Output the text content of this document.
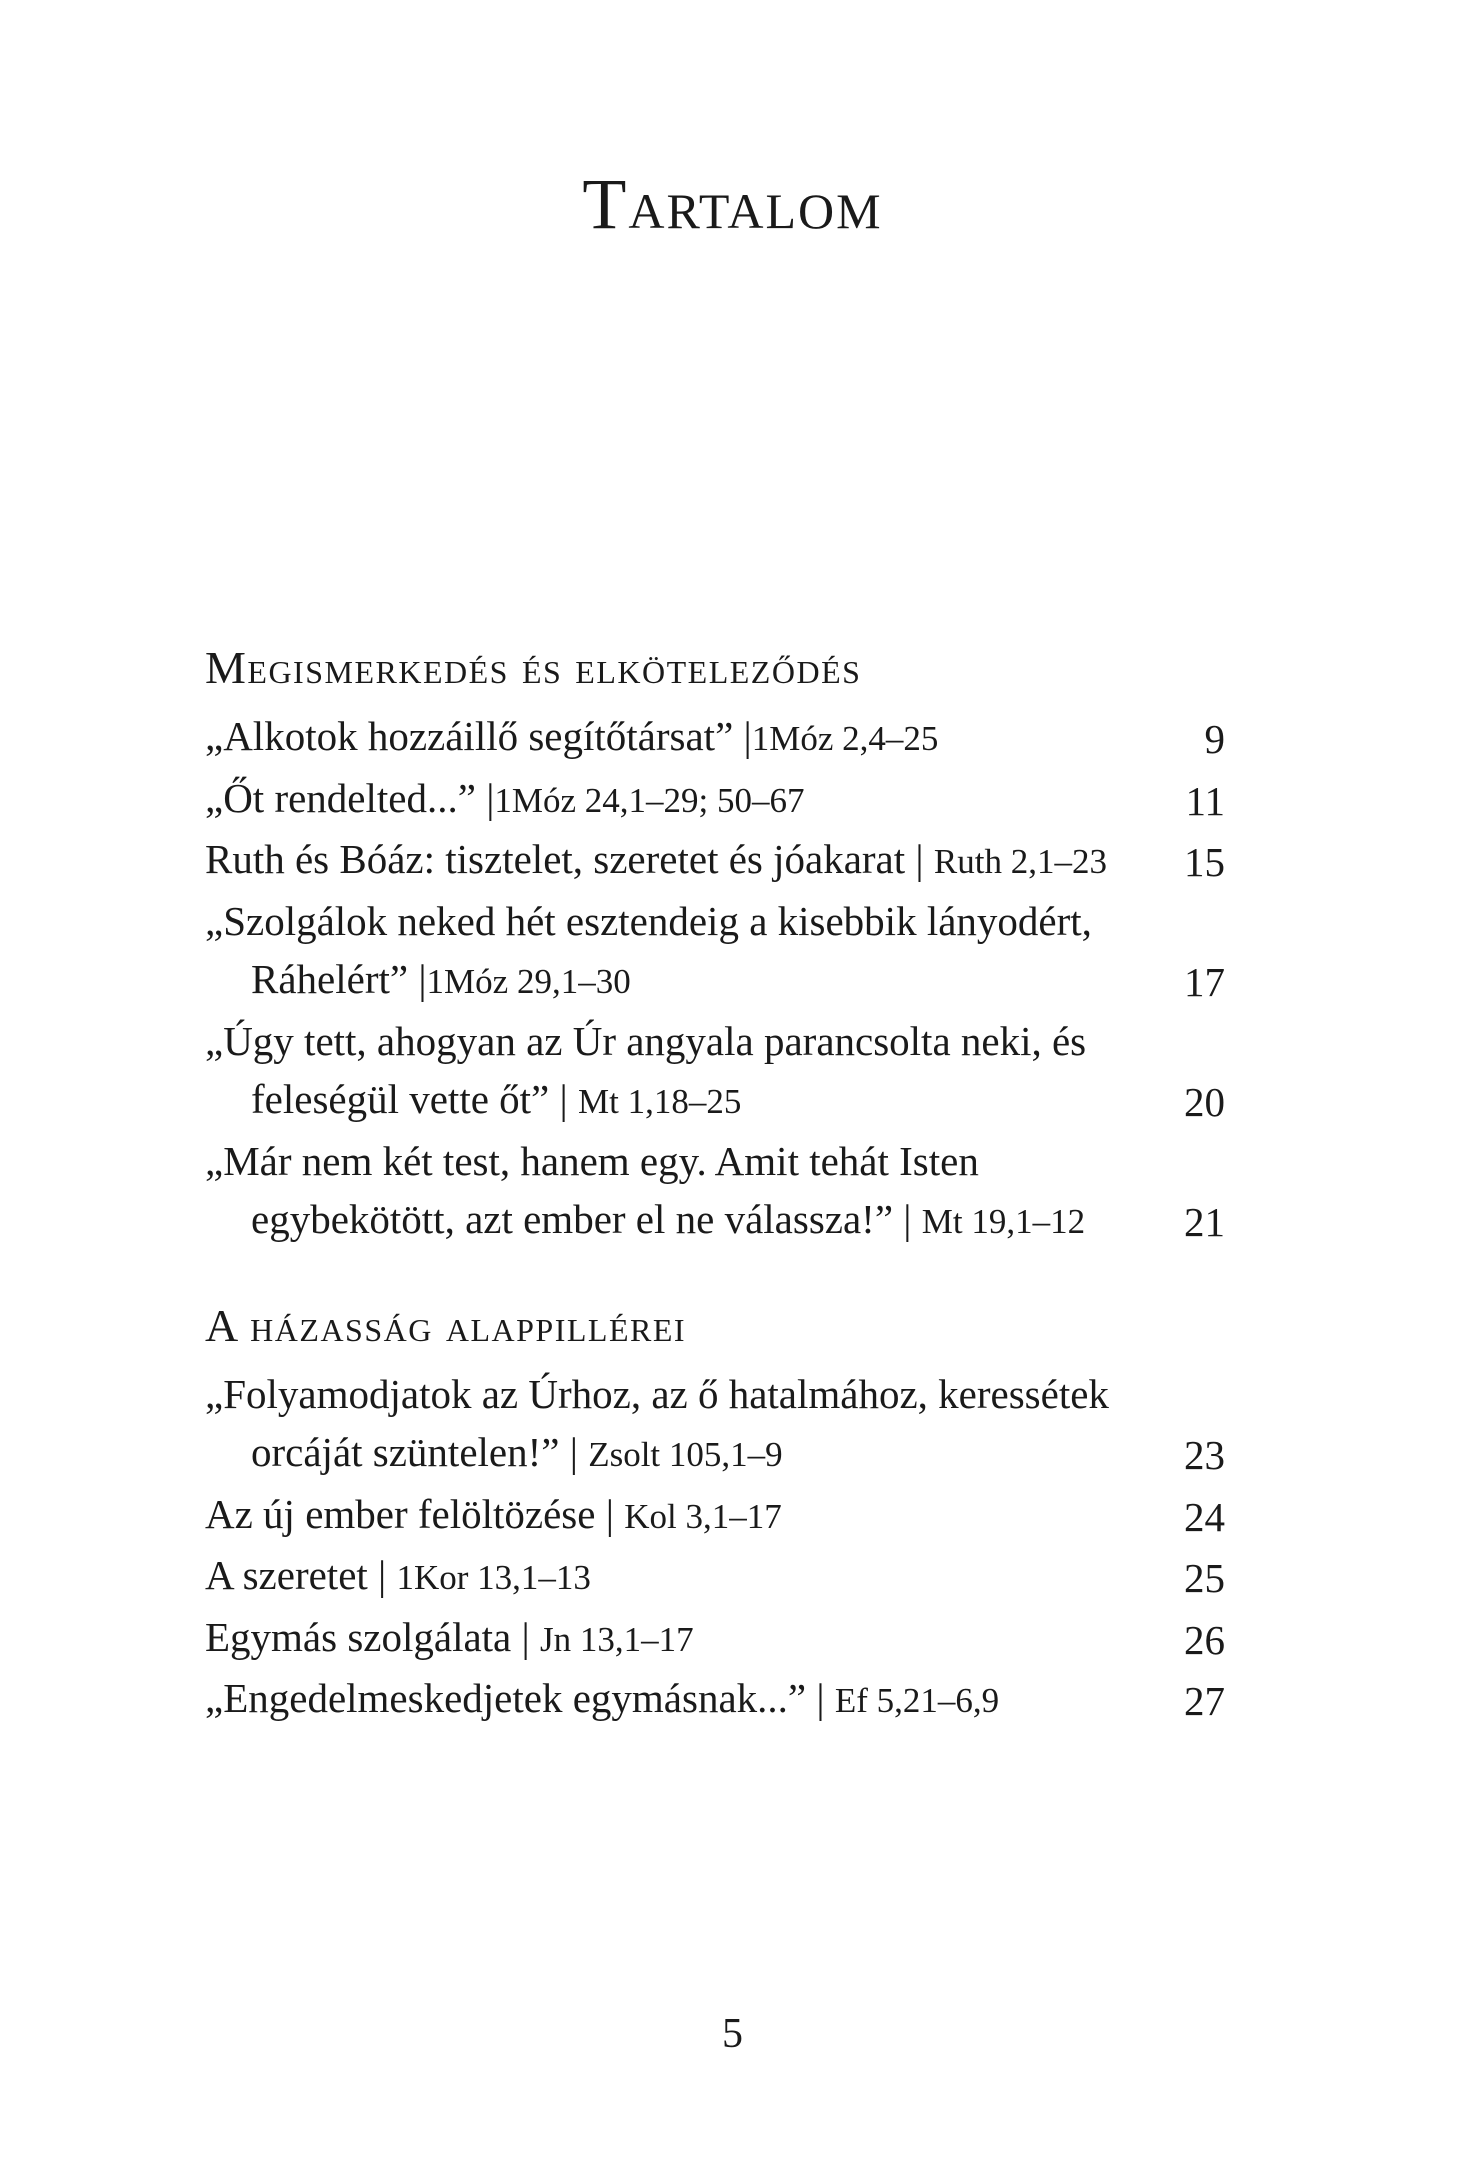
Tartalom
Megismerkedés és elköteleződés
„Alkotok hozzáillő segítőtársat” |1Móz 2,4–25	9
„Őt rendelted...” |1Móz 24,1–29; 50–67	11
Ruth és Bóáz: tisztelet, szeretet és jóakarat | Ruth 2,1–23	15
„Szolgálok neked hét esztendeig a kisebbik lányodért, Ráhelért” |1Móz 29,1–30	17
„Úgy tett, ahogyan az Úr angyala parancsolta neki, és feleségül vette őt” | Mt 1,18–25	20
„Már nem két test, hanem egy. Amit tehát Isten egybekötött, azt ember el ne válassza!” | Mt 19,1–12	21
A házasság alappillérei
„Folyamodjatok az Úrhoz, az ő hatalmához, keressétek orcáját szüntelen!” | Zsolt 105,1–9	23
Az új ember felöltözése | Kol 3,1–17	24
A szeretet | 1Kor 13,1–13	25
Egymás szolgálata | Jn 13,1–17	26
„Engedelmeskedjetek egymásnak...” | Ef 5,21–6,9	27
5
